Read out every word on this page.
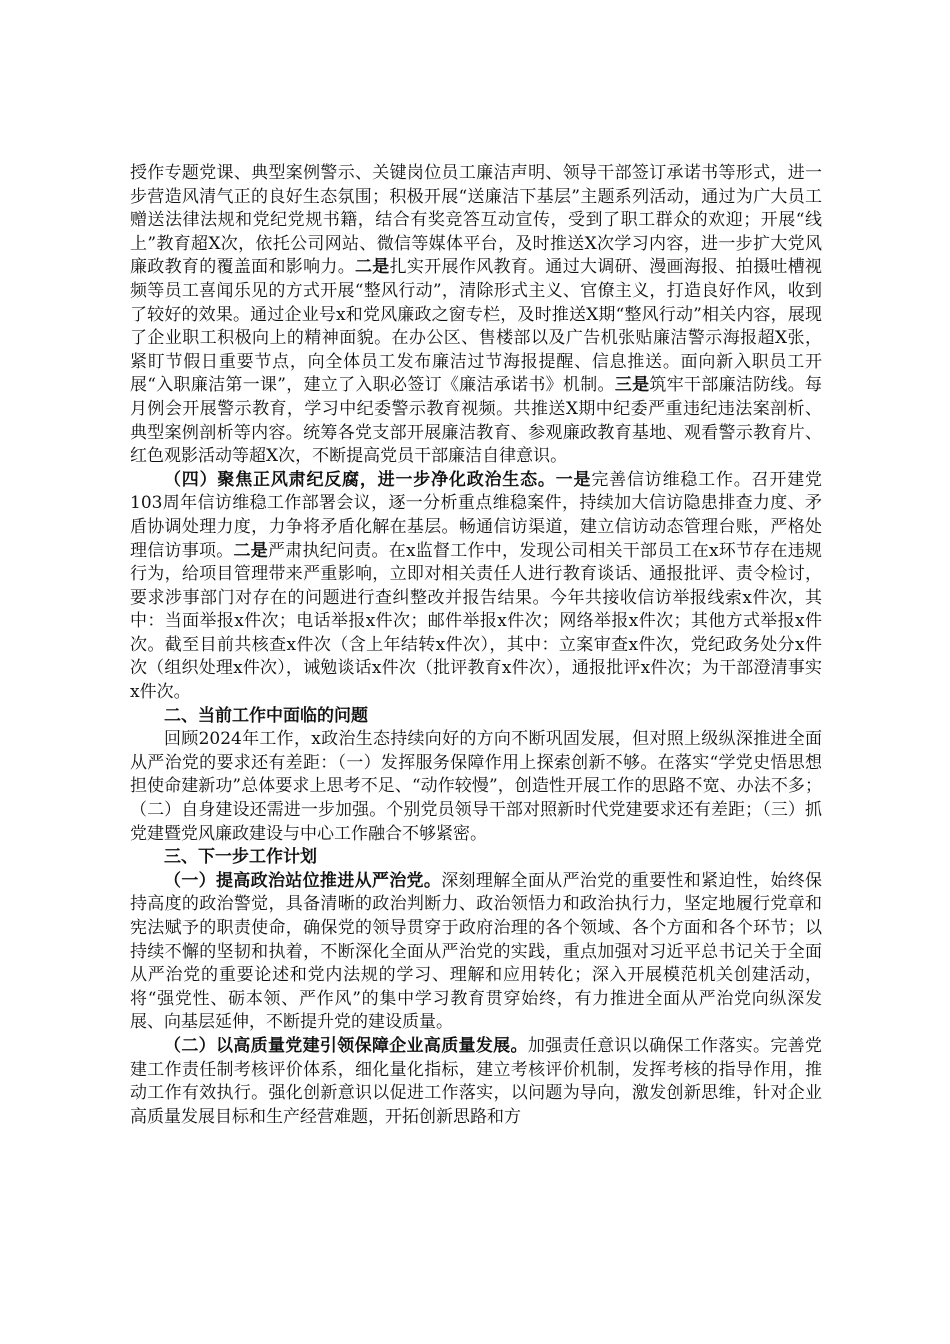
授作专题党课、典型案例警示、关键岗位员工廉洁声明、领导干部签订承诺书等形式，进一步营造风清气正的良好生态氛围；积极开展“送廉洁下基层”主题系列活动，通过为广大员工赠送法律法规和党纪党规书籍，结合有奖竞答互动宣传，受到了职工群众的欢迎；开展“线上”教育超X次，依托公司网站、微信等媒体平台，及时推送X次学习内容，进一步扩大党风廉政教育的覆盖面和影响力。二是扎实开展作风教育。通过大调研、漫画海报、拍摄吐槽视频等员工喜闻乐见的方式开展“整风行动”，清除形式主义、官僚主义，打造良好作风，收到了较好的效果。通过企业号x和党风廉政之窗专栏，及时推送X期“整风行动”相关内容，展现了企业职工积极向上的精神面貌。在办公区、售楼部以及广告机张贴廉洁警示海报超X张，紧盯节假日重要节点，向全体员工发布廉洁过节海报提醒、信息推送。面向新入职员工开展“入职廉洁第一课”，建立了入职必签订《廉洁承诺书》机制。三是筑牢干部廉洁防线。每月例会开展警示教育，学习中纪委警示教育视频。共推送X期中纪委严重违纪违法案剖析、典型案例剖析等内容。统筹各党支部开展廉洁教育、参观廉政教育基地、观看警示教育片、红色观影活动等超X次，不断提高党员干部廉洁自律意识。

（四）聚焦正风肃纪反腐，进一步净化政治生态。一是完善信访维稳工作。召开建党103周年信访维稳工作部署会议，逐一分析重点维稳案件，持续加大信访隐患排查力度、矛盾协调处理力度，力争将矛盾化解在基层。畅通信访渠道，建立信访动态管理台账，严格处理信访事项。二是严肃执纪问责。在x监督工作中，发现公司相关干部员工在x环节存在违规行为，给项目管理带来严重影响，立即对相关责任人进行教育谈话、通报批评、责令检讨，要求涉事部门对存在的问题进行查纠整改并报告结果。今年共接收信访举报线索x件次，其中：当面举报x件次；电话举报x件次；邮件举报x件次；网络举报x件次；其他方式举报x件次。截至目前共核查x件次（含上年结转x件次），其中：立案审查x件次，党纪政务处分x件次（组织处理x件次），诫勉谈话x件次（批评教育x件次），通报批评x件次；为干部澄清事实x件次。

二、当前工作中面临的问题

回顾2024年工作，x政治生态持续向好的方向不断巩固发展，但对照上级纵深推进全面从严治党的要求还有差距：（一）发挥服务保障作用上探索创新不够。在落实“学党史悟思想担使命建新功”总体要求上思考不足、“动作较慢”，创造性开展工作的思路不宽、办法不多；（二）自身建设还需进一步加强。个别党员领导干部对照新时代党建要求还有差距；（三）抓党建暨党风廉政建设与中心工作融合不够紧密。

三、下一步工作计划

（一）提高政治站位推进从严治党。深刻理解全面从严治党的重要性和紧迫性，始终保持高度的政治警觉，具备清晰的政治判断力、政治领悟力和政治执行力，坚定地履行党章和宪法赋予的职责使命，确保党的领导贯穿于政府治理的各个领域、各个方面和各个环节；以持续不懈的坚韧和执着，不断深化全面从严治党的实践，重点加强对习近平总书记关于全面从严治党的重要论述和党内法规的学习、理解和应用转化；深入开展模范机关创建活动，将“强党性、砺本领、严作风”的集中学习教育贯穿始终，有力推进全面从严治党向纵深发展、向基层延伸，不断提升党的建设质量。

（二）以高质量党建引领保障企业高质量发展。加强责任意识以确保工作落实。完善党建工作责任制考核评价体系，细化量化指标，建立考核评价机制，发挥考核的指导作用，推动工作有效执行。强化创新意识以促进工作落实，以问题为导向，激发创新思维，针对企业高质量发展目标和生产经营难题，开拓创新思路和方
